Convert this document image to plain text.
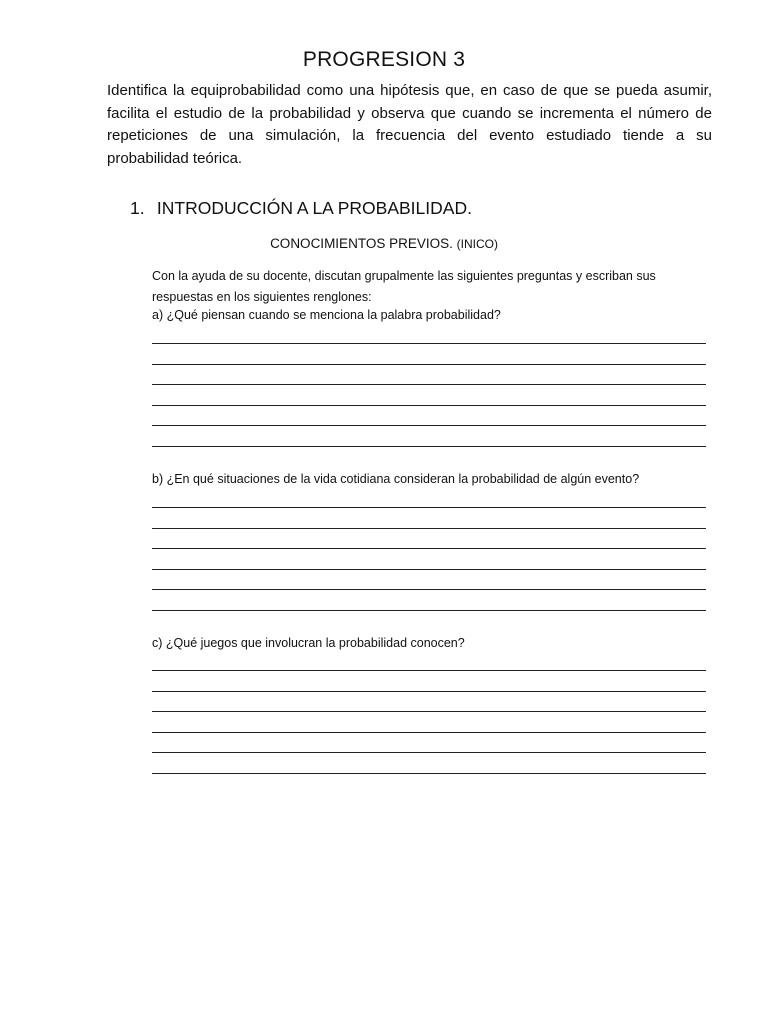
PROGRESION 3
Identifica la equiprobabilidad como una hipótesis que, en caso de que se pueda asumir, facilita el estudio de la probabilidad y observa que cuando se incrementa el número de repeticiones de una simulación, la frecuencia del evento estudiado tiende a su probabilidad teórica.
1. INTRODUCCIÓN A LA PROBABILIDAD.
CONOCIMIENTOS PREVIOS. (INICO)
Con la ayuda de su docente, discutan grupalmente las siguientes preguntas y escriban sus respuestas en los siguientes renglones:
a) ¿Qué piensan cuando se menciona la palabra probabilidad?
b) ¿En qué situaciones de la vida cotidiana consideran la probabilidad de algún evento?
c) ¿Qué juegos que involucran la probabilidad conocen?
